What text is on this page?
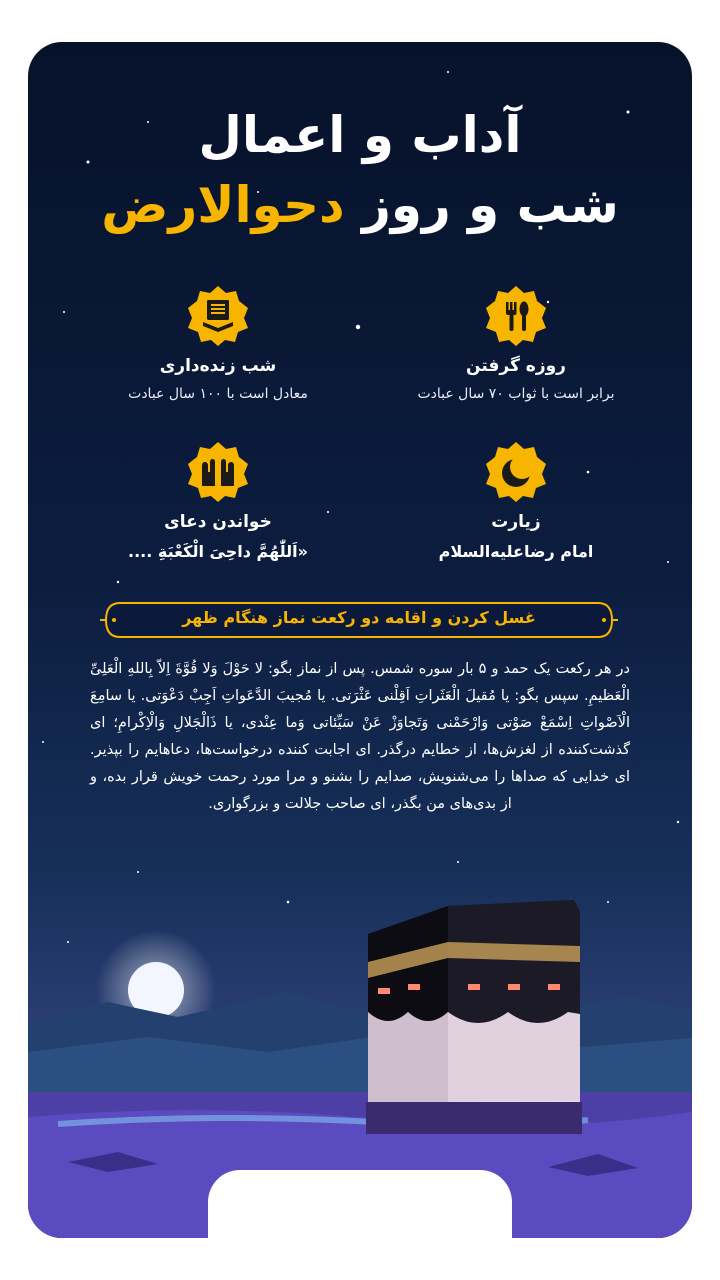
آداب و اعمال
شب و روز دحوالارض
روزه گرفتن
برابر است با ثواب ۷۰ سال عبادت
شب زنده‌داری
معادل است با ۱۰۰ سال عبادت
زیارت
امام رضاعلیه‌السلام
خواندن دعای
«اَللّٰهُمَّ داحِیَ الْکَعْبَةِ ....
غسل کردن و اقامه دو رکعت نماز هنگام ظهر
در هر رکعت یک حمد و ۵ بار سوره شمس. پس از نماز بگو: لا حَوْلَ وَلا قُوَّةَ اِلاّ بِاللهِ الْعَلِیِّ الْعَظیمِ. سپس بگو: یا مُقیلَ الْعَثَراتِ اَقِلْنی عَثْرَتی. یا مُجیبَ الدَّعَواتِ اَجِبْ دَعْوَتی. یا سامِعَ الْاَصْواتِ اِسْمَعْ صَوْتی وَارْحَمْنی وَتَجاوَزْ عَنْ سَیِّئاتی وَما عِنْدی، یا ذَالْجَلالِ وَالْاِكْرامِ؛ ای گذشت‌کننده از لغزش‌ها، از خطایم درگذر. ای اجابت کننده درخواست‌ها، دعاهایم را بپذیر. ای خدایی که صداها را می‌شنویش، صدایم را بشنو و مرا مورد رحمت خویش قرار بده، و از بدی‌های من بگذر، ای صاحب جلالت و بزرگواری.
